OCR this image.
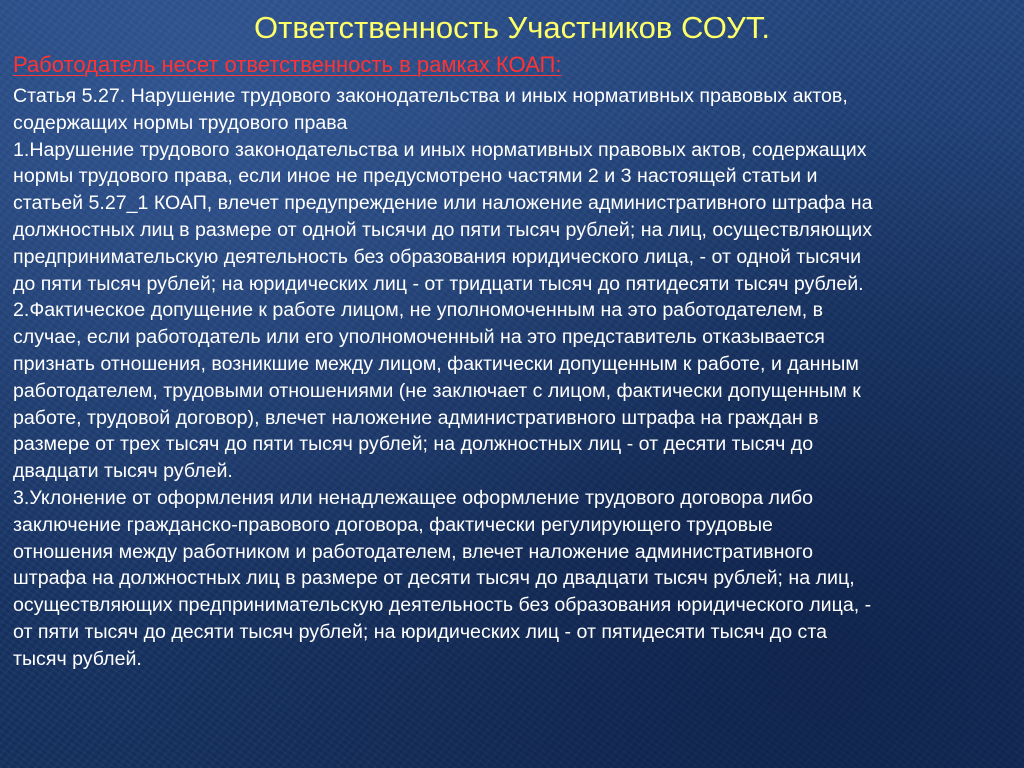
Ответственность Участников СОУТ.
Работодатель несет ответственность в рамках КОАП:
Статья 5.27. Нарушение трудового законодательства и иных нормативных правовых актов,
содержащих нормы трудового права
1.Нарушение трудового законодательства и иных нормативных правовых актов, содержащих
нормы трудового права, если иное не предусмотрено частями 2 и 3 настоящей статьи и
статьей 5.27_1 КОАП, влечет предупреждение или наложение административного штрафа на
должностных лиц в размере от одной тысячи до пяти тысяч рублей; на лиц, осуществляющих
предпринимательскую деятельность без образования юридического лица, - от одной тысячи
до пяти тысяч рублей; на юридических лиц - от тридцати тысяч до пятидесяти тысяч рублей.
2.Фактическое допущение к работе лицом, не уполномоченным на это работодателем, в
случае, если работодатель или его уполномоченный на это представитель отказывается
признать отношения, возникшие между лицом, фактически допущенным к работе, и данным
работодателем, трудовыми отношениями (не заключает с лицом, фактически допущенным к
работе, трудовой договор), влечет наложение административного штрафа на граждан в
размере от трех тысяч до пяти тысяч рублей; на должностных лиц - от десяти тысяч до
двадцати тысяч рублей.
3.Уклонение от оформления или ненадлежащее оформление трудового договора либо
заключение гражданско-правового договора, фактически регулирующего трудовые
отношения между работником и работодателем, влечет наложение административного
штрафа на должностных лиц в размере от десяти тысяч до двадцати тысяч рублей; на лиц,
осуществляющих предпринимательскую деятельность без образования юридического лица, -
от пяти тысяч до десяти тысяч рублей; на юридических лиц - от пятидесяти тысяч до ста
тысяч рублей.
